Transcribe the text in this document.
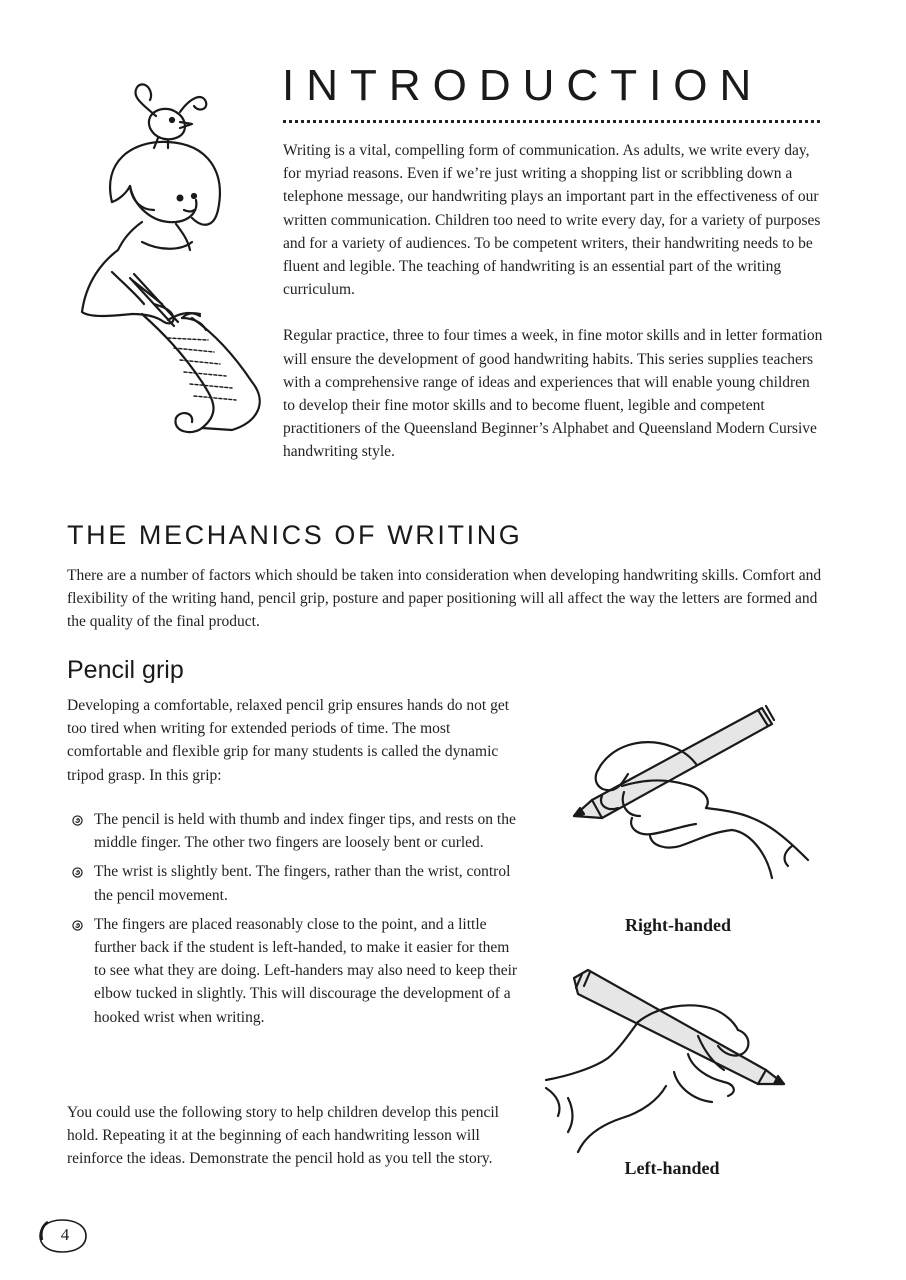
INTRODUCTION

Writing is a vital, compelling form of communication. As adults, we write every day, for myriad reasons. Even if we’re just writing a shopping list or scribbling down a telephone message, our handwriting plays an important part in the effectiveness of our written communication. Children too need to write every day, for a variety of purposes and for a variety of audiences. To be competent writers, their handwriting needs to be fluent and legible. The teaching of handwriting is an essential part of the writing curriculum.

Regular practice, three to four times a week, in fine motor skills and in letter formation will ensure the development of good handwriting habits. This series supplies teachers with a comprehensive range of ideas and experiences that will enable young children to develop their fine motor skills and to become fluent, legible and competent practitioners of the Queensland Beginner’s Alphabet and Queensland Modern Cursive handwriting style.

THE MECHANICS OF WRITING

There are a number of factors which should be taken into consideration when developing handwriting skills. Comfort and flexibility of the writing hand, pencil grip, posture and paper positioning will all affect the way the letters are formed and the quality of the final product.

Pencil grip

Developing a comfortable, relaxed pencil grip ensures hands do not get too tired when writing for extended periods of time. The most comfortable and flexible grip for many students is called the dynamic tripod grasp. In this grip:

The pencil is held with thumb and index finger tips, and rests on the middle finger. The other two fingers are loosely bent or curled.
The wrist is slightly bent. The fingers, rather than the wrist, control the pencil movement.
The fingers are placed reasonably close to the point, and a little further back if the student is left-handed, to make it easier for them to see what they are doing. Left-handers may also need to keep their elbow tucked in slightly. This will discourage the development of a hooked wrist when writing.

You could use the following story to help children develop this pencil hold. Repeating it at the beginning of each handwriting lesson will reinforce the ideas. Demonstrate the pencil hold as you tell the story.

Right-handed

Left-handed

4
